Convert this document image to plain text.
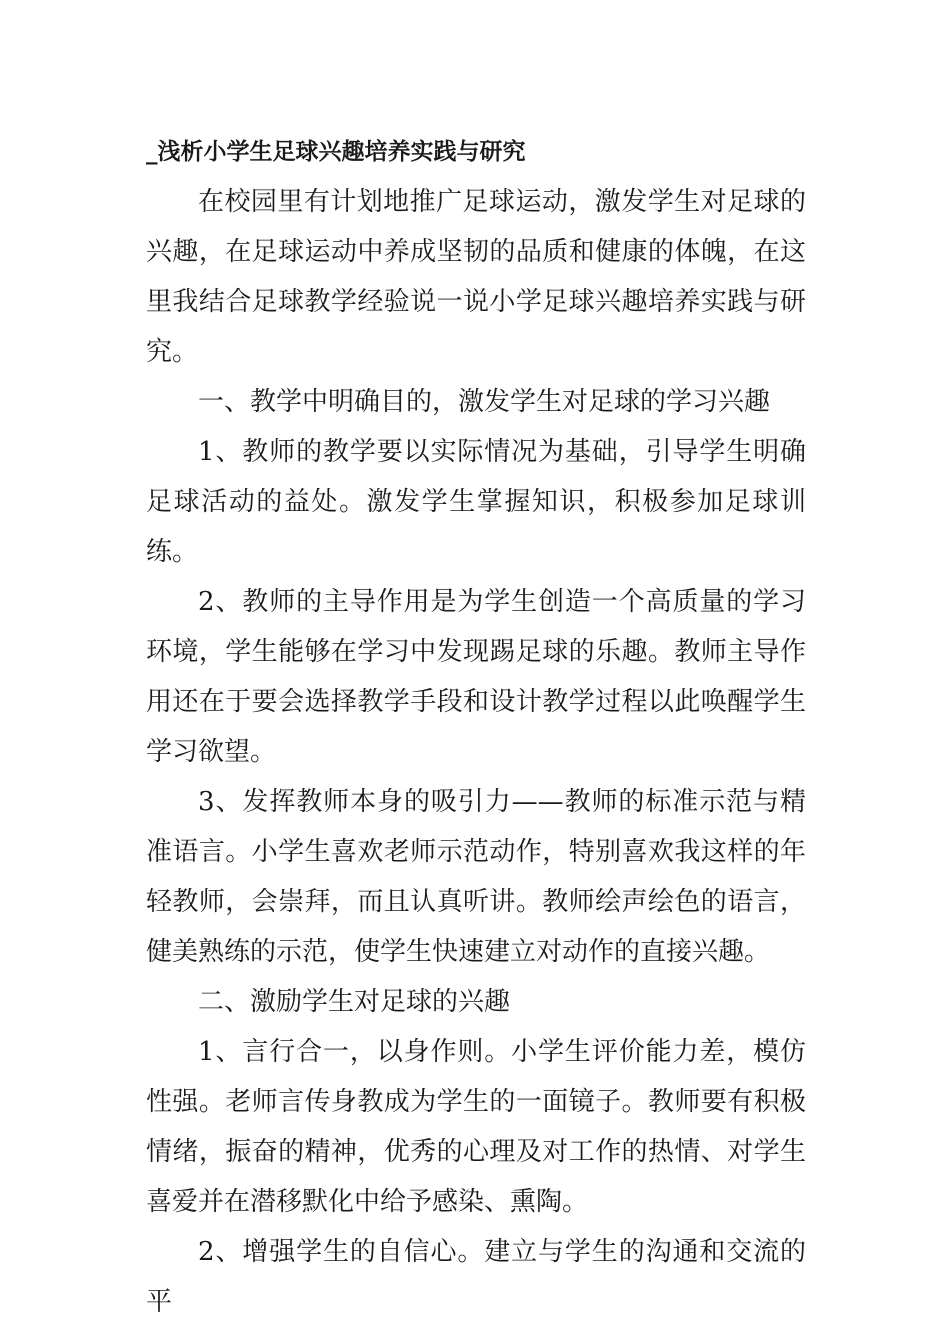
_浅析小学生足球兴趣培养实践与研究

在校园里有计划地推广足球运动，激发学生对足球的兴趣，在足球运动中养成坚韧的品质和健康的体魄，在这里我结合足球教学经验说一说小学足球兴趣培养实践与研究。

一、教学中明确目的，激发学生对足球的学习兴趣

1、教师的教学要以实际情况为基础，引导学生明确足球活动的益处。激发学生掌握知识，积极参加足球训练。

2、教师的主导作用是为学生创造一个高质量的学习环境，学生能够在学习中发现踢足球的乐趣。教师主导作用还在于要会选择教学手段和设计教学过程以此唤醒学生学习欲望。

3、发挥教师本身的吸引力——教师的标准示范与精准语言。小学生喜欢老师示范动作，特别喜欢我这样的年轻教师，会崇拜，而且认真听讲。教师绘声绘色的语言，健美熟练的示范，使学生快速建立对动作的直接兴趣。

二、激励学生对足球的兴趣

1、言行合一，以身作则。小学生评价能力差，模仿性强。老师言传身教成为学生的一面镜子。教师要有积极情绪，振奋的精神，优秀的心理及对工作的热情、对学生喜爱并在潜移默化中给予感染、熏陶。

2、增强学生的自信心。建立与学生的沟通和交流的平
